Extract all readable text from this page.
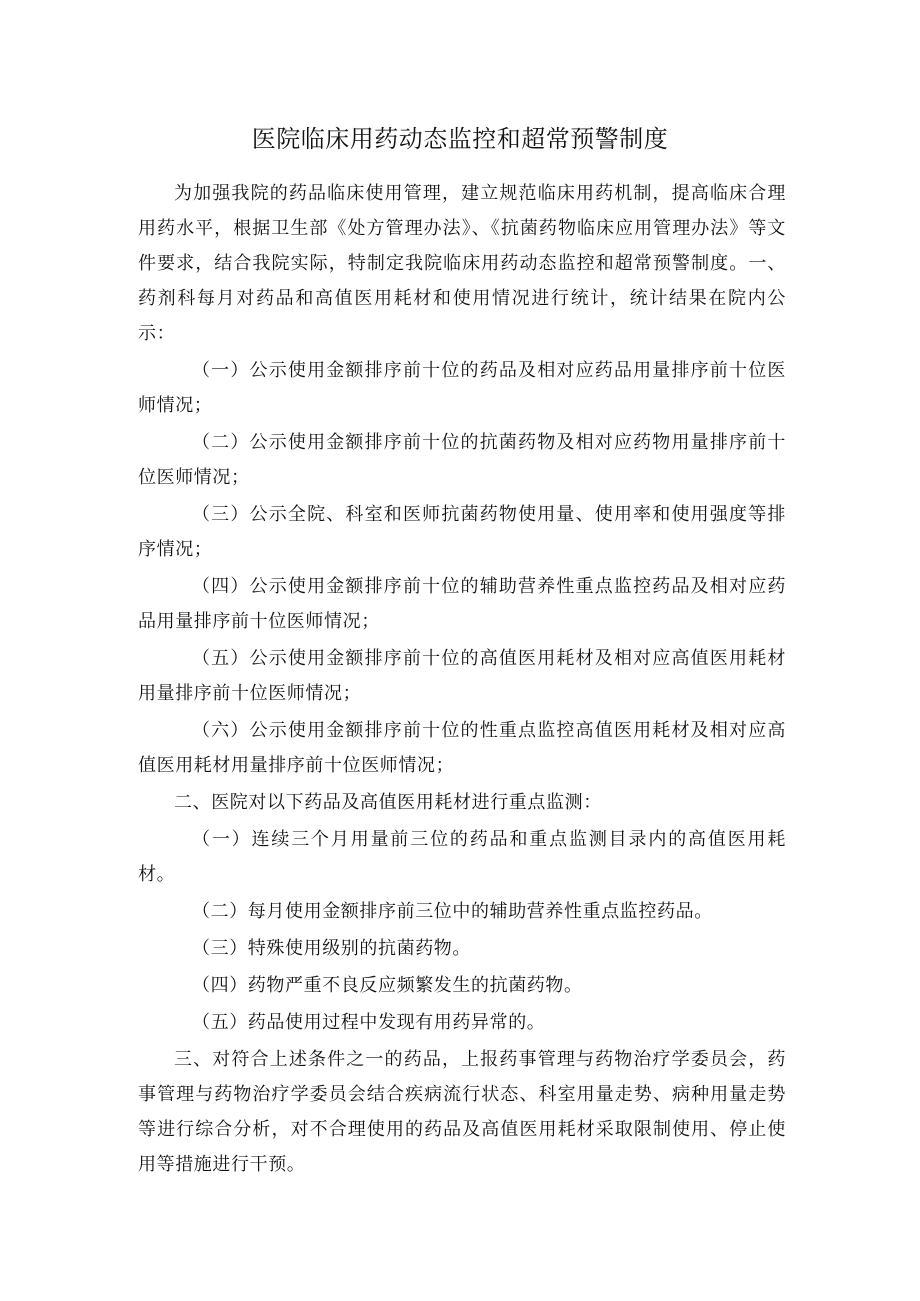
医院临床用药动态监控和超常预警制度

为加强我院的药品临床使用管理，建立规范临床用药机制，提高临床合理用药水平，根据卫生部《处方管理办法》、《抗菌药物临床应用管理办法》等文件要求，结合我院实际，特制定我院临床用药动态监控和超常预警制度。一、药剂科每月对药品和高值医用耗材和使用情况进行统计，统计结果在院内公示：

（一）公示使用金额排序前十位的药品及相对应药品用量排序前十位医师情况；

（二）公示使用金额排序前十位的抗菌药物及相对应药物用量排序前十位医师情况；

（三）公示全院、科室和医师抗菌药物使用量、使用率和使用强度等排序情况；

（四）公示使用金额排序前十位的辅助营养性重点监控药品及相对应药品用量排序前十位医师情况；

（五）公示使用金额排序前十位的高值医用耗材及相对应高值医用耗材用量排序前十位医师情况；

（六）公示使用金额排序前十位的性重点监控高值医用耗材及相对应高值医用耗材用量排序前十位医师情况；

二、医院对以下药品及高值医用耗材进行重点监测：

（一）连续三个月用量前三位的药品和重点监测目录内的高值医用耗材。

（二）每月使用金额排序前三位中的辅助营养性重点监控药品。

（三）特殊使用级别的抗菌药物。

（四）药物严重不良反应频繁发生的抗菌药物。

（五）药品使用过程中发现有用药异常的。

三、对符合上述条件之一的药品，上报药事管理与药物治疗学委员会，药事管理与药物治疗学委员会结合疾病流行状态、科室用量走势、病种用量走势等进行综合分析，对不合理使用的药品及高值医用耗材采取限制使用、停止使用等措施进行干预。
